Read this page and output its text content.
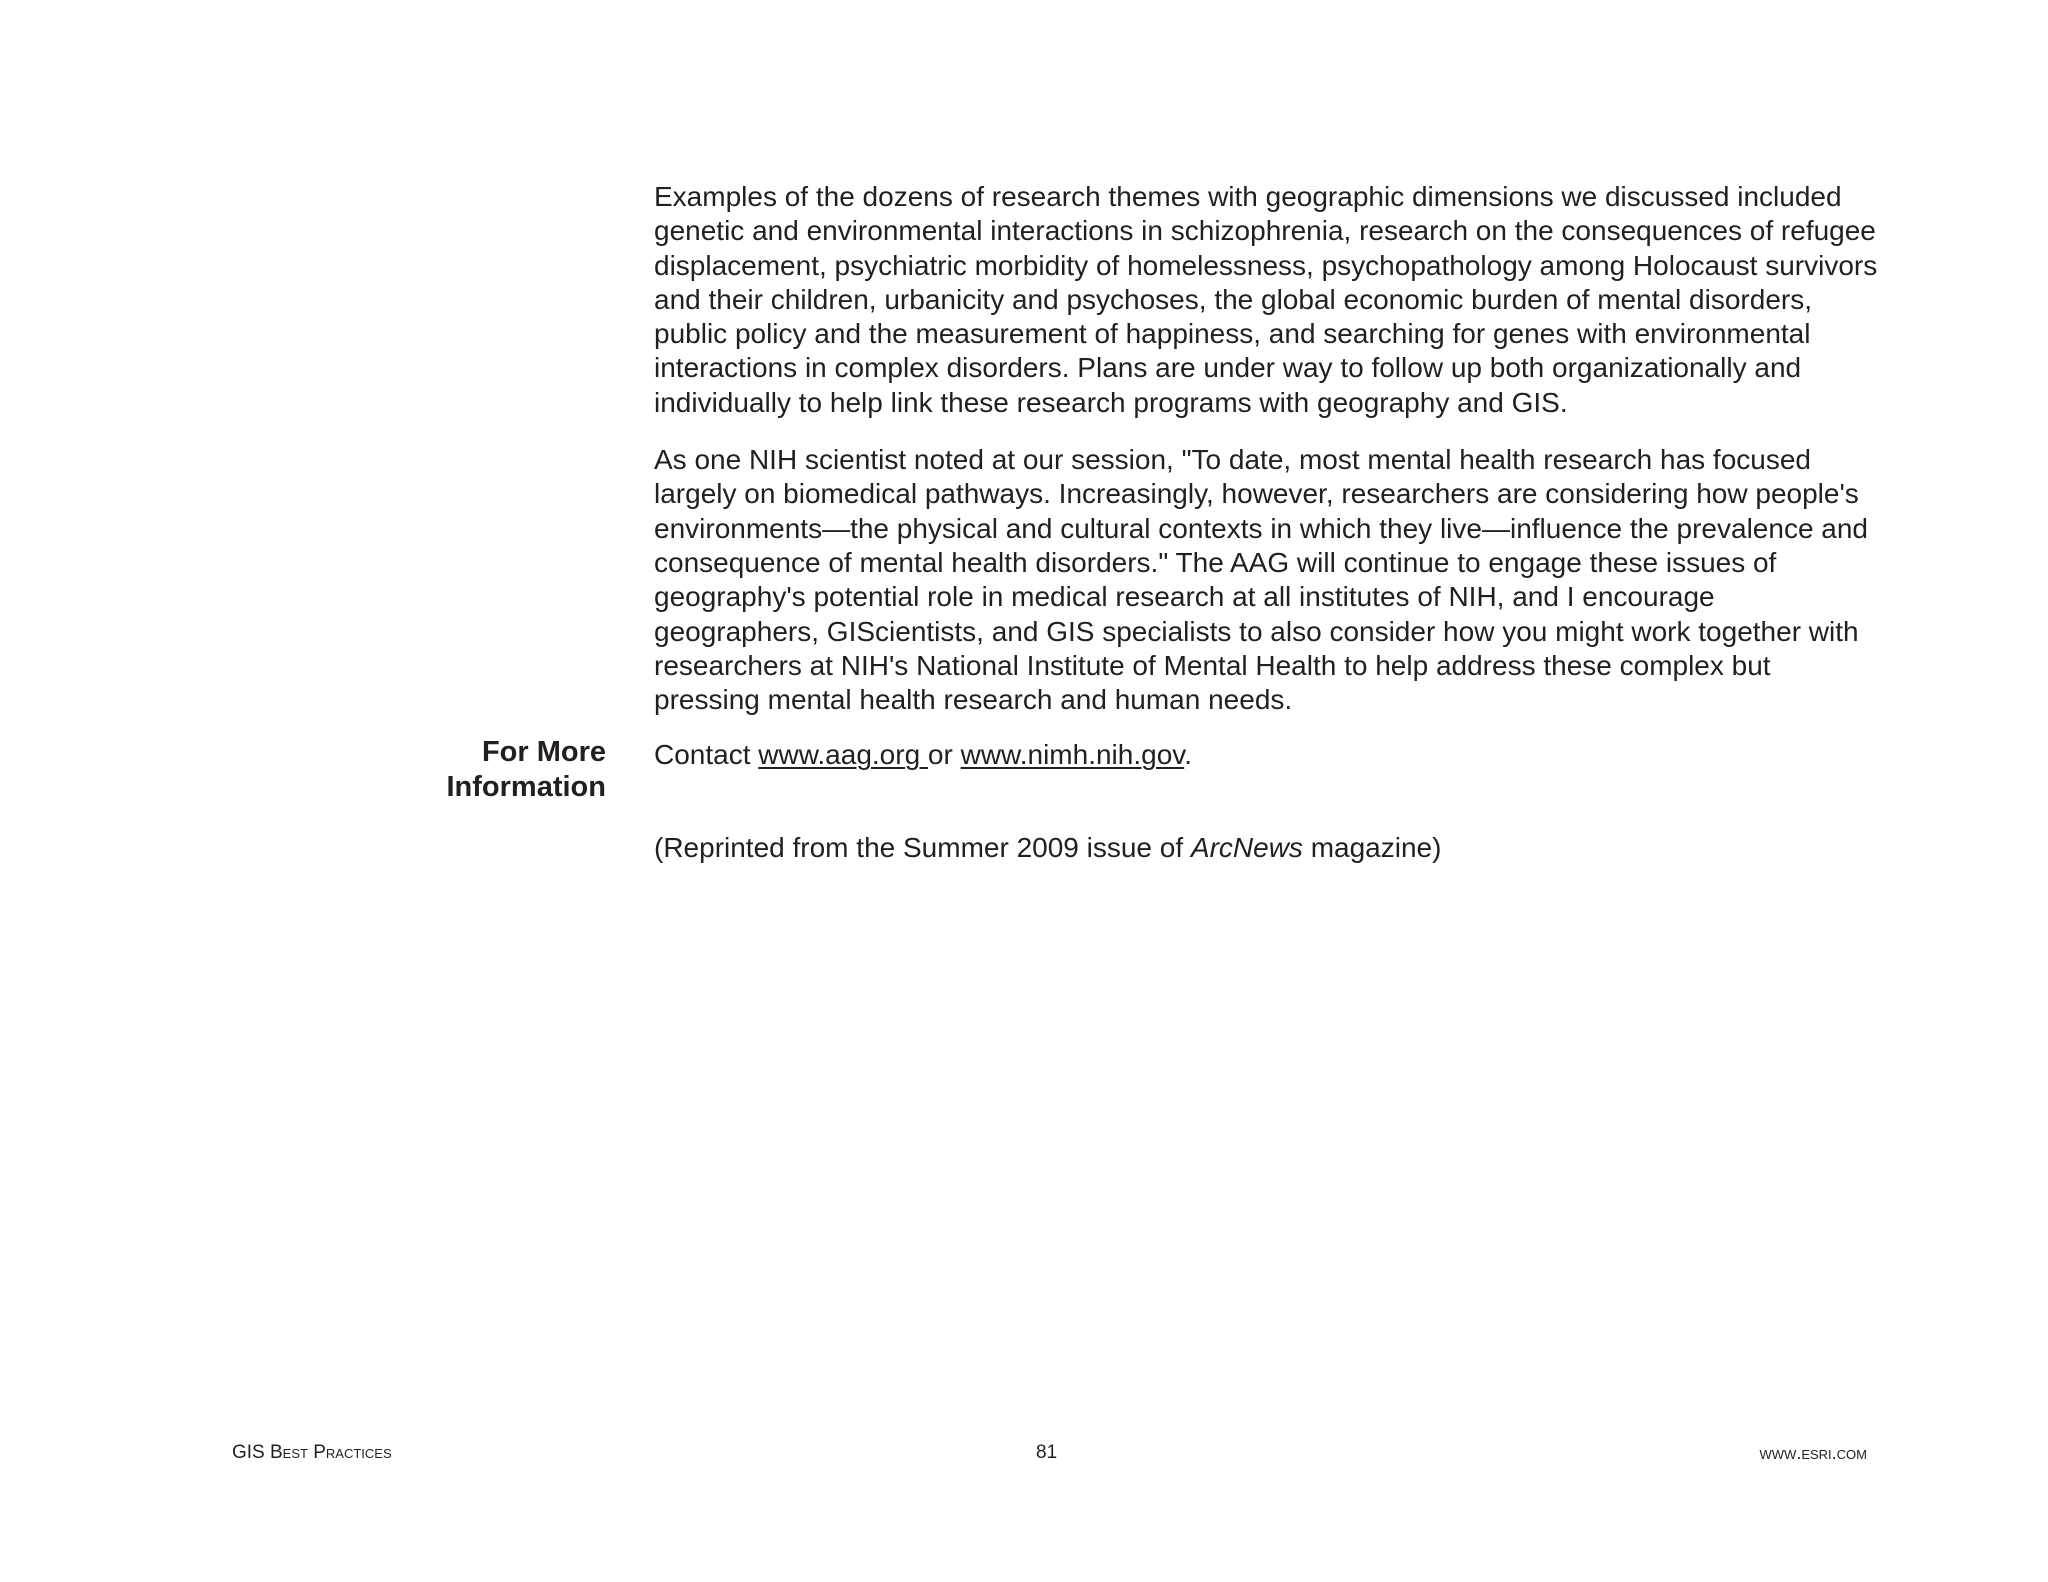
Examples of the dozens of research themes with geographic dimensions we discussed included genetic and environmental interactions in schizophrenia, research on the consequences of refugee displacement, psychiatric morbidity of homelessness, psychopathology among Holocaust survivors and their children, urbanicity and psychoses, the global economic burden of mental disorders, public policy and the measurement of happiness, and searching for genes with environmental interactions in complex disorders. Plans are under way to follow up both organizationally and individually to help link these research programs with geography and GIS.

As one NIH scientist noted at our session, "To date, most mental health research has focused largely on biomedical pathways. Increasingly, however, researchers are considering how people's environments—the physical and cultural contexts in which they live—influence the prevalence and consequence of mental health disorders." The AAG will continue to engage these issues of geography's potential role in medical research at all institutes of NIH, and I encourage geographers, GIScientists, and GIS specialists to also consider how you might work together with researchers at NIH's National Institute of Mental Health to help address these complex but pressing mental health research and human needs.

For More
Information
Contact www.aag.org or www.nimh.nih.gov.
(Reprinted from the Summer 2009 issue of ArcNews magazine)
GIS Best Practices	81	www.esri.com
